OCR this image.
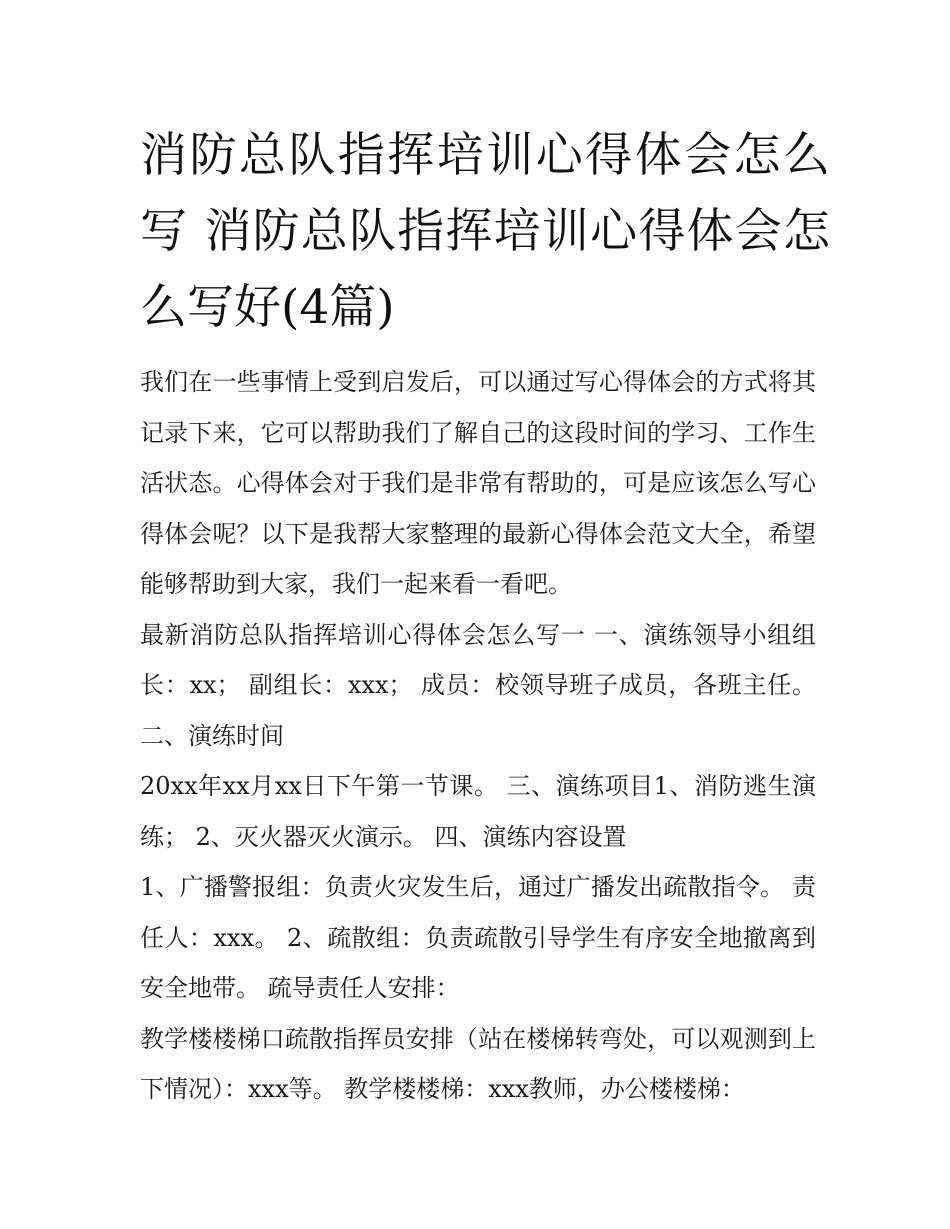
消防总队指挥培训心得体会怎么写 消防总队指挥培训心得体会怎么写好(4篇)

我们在一些事情上受到启发后，可以通过写心得体会的方式将其记录下来，它可以帮助我们了解自己的这段时间的学习、工作生活状态。心得体会对于我们是非常有帮助的，可是应该怎么写心得体会呢？以下是我帮大家整理的最新心得体会范文大全，希望能够帮助到大家，我们一起来看一看吧。

最新消防总队指挥培训心得体会怎么写一 一、演练领导小组组长：xx； 副组长：xxx； 成员：校领导班子成员，各班主任。 二、演练时间

20xx年xx月xx日下午第一节课。 三、演练项目1、消防逃生演练； 2、灭火器灭火演示。 四、演练内容设置

1、广播警报组：负责火灾发生后，通过广播发出疏散指令。 责任人：xxx。 2、疏散组：负责疏散引导学生有序安全地撤离到安全地带。 疏导责任人安排：

教学楼楼梯口疏散指挥员安排（站在楼梯转弯处，可以观测到上下情况）：xxx等。 教学楼楼梯：xxx教师，办公楼楼梯：
